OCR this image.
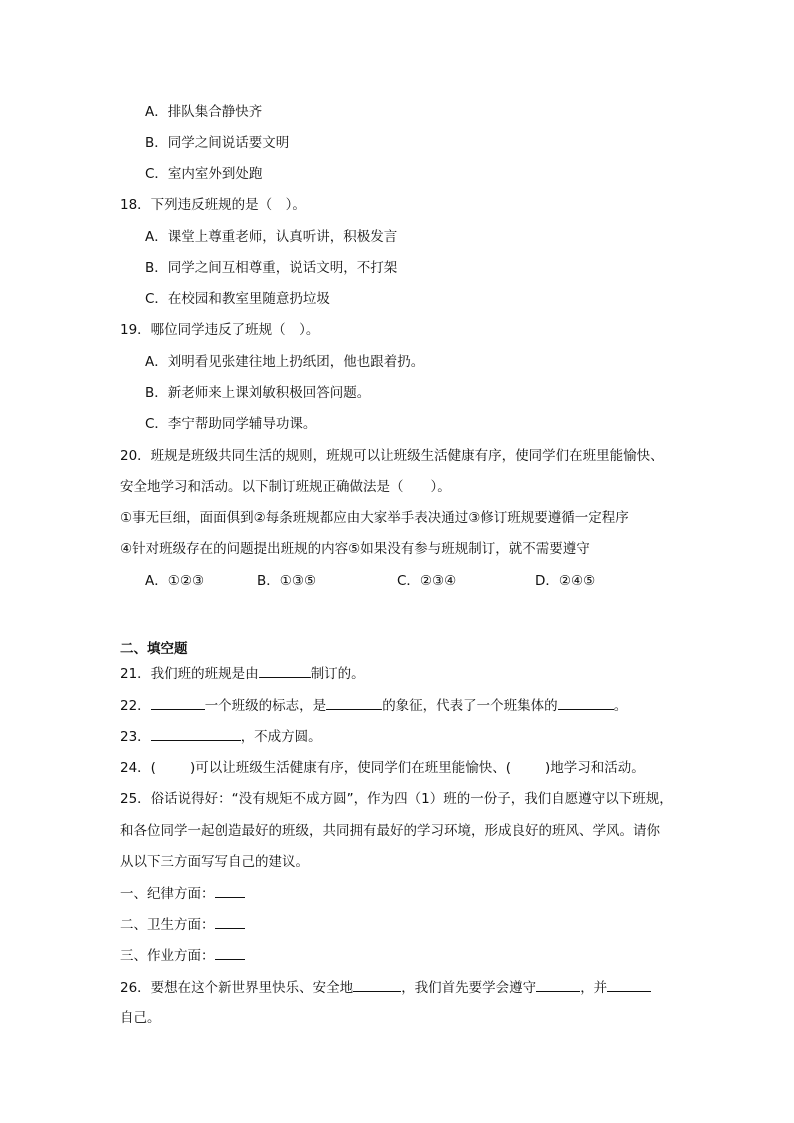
A．排队集合静快齐
B．同学之间说话要文明
C．室内室外到处跑
18．下列违反班规的是（　）。
A．课堂上尊重老师，认真听讲，积极发言
B．同学之间互相尊重，说话文明，不打架
C．在校园和教室里随意扔垃圾
19．哪位同学违反了班规（　）。
A．刘明看见张建往地上扔纸团，他也跟着扔。
B．新老师来上课刘敏积极回答问题。
C．李宁帮助同学辅导功课。
20．班规是班级共同生活的规则，班规可以让班级生活健康有序，使同学们在班里能愉快、
安全地学习和活动。以下制订班规正确做法是（　　）。
①事无巨细，面面俱到②每条班规都应由大家举手表决通过③修订班规要遵循一定程序
④针对班级存在的问题提出班规的内容⑤如果没有参与班规制订，就不需要遵守
A．①②③	B．①③⑤	C．②③④	D．②④⑤
二、填空题
21．我们班的班规是由	制订的。
22．	一个班级的标志，是	的象征，代表了一个班集体的	。
23．	，不成方圆。
24．(	)可以让班级生活健康有序，使同学们在班里能愉快、(	)地学习和活动。
25．俗话说得好：“没有规矩不成方圆”，作为四（1）班的一份子，我们自愿遵守以下班规，
和各位同学一起创造最好的班级，共同拥有最好的学习环境，形成良好的班风、学风。请你
从以下三方面写写自己的建议。
一、纪律方面：
二、卫生方面：
三、作业方面：
26．要想在这个新世界里快乐、安全地	，我们首先要学会遵守	，并
自己。
